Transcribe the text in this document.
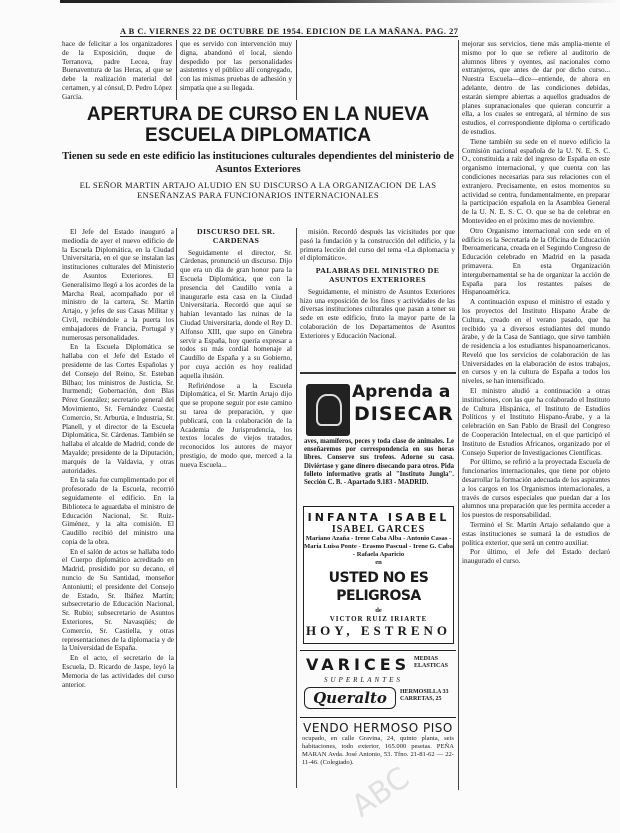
A B C. VIERNES 22 DE OCTUBRE DE 1954. EDICION DE LA MAÑANA. PAG. 27

hace de felicitar a los organizadores de la Exposición, duque de Terranova, padre Lecea, fray Buenaventura de las Heras, al que se debe la realización material del certamen, y al cónsul, D. Pedro López García.

que es servido con intervención muy digna, abandonó el local, siendo despedido por las personalidades asistentes y el público allí congregado, con las mismas pruebas de adhesión y simpatía que a su llegada.

APERTURA DE CURSO EN LA NUEVA ESCUELA DIPLOMATICA
Tienen su sede en este edificio las instituciones culturales dependientes del ministerio de Asuntos Exteriores
EL SEÑOR MARTIN ARTAJO ALUDIO EN SU DISCURSO A LA ORGANIZACION DE LAS ENSEÑANZAS PARA FUNCIONARIOS INTERNACIONALES

El Jefe del Estado inauguró a mediodía de ayer el nuevo edificio de la Escuela Diplomática, en la Ciudad Universitaria, en el que se instalan las instituciones culturales del Ministerio de Asuntos Exteriores. El Generalísimo llegó a los acordes de la Marcha Real, acompañado por el ministro de la cartera, Sr. Martín Artajo, y jefes de sus Casas Militar y Civil, recibiéndole a la puerta los embajadores de Francia, Portugal y numerosas personalidades.

En la Escuela Diplomática se hallaba con el Jefe del Estado el presidente de las Cortes Españolas y del Consejo del Reino, Sr. Esteban Bilbao; los ministros de Justicia, Sr. Iturmendi; Gobernación, don Blas Pérez González; secretario general del Movimiento, Sr. Fernández Cuesta; Comercio, Sr. Arburúa, e Industria, Sr. Planell, y el director de la Escuela Diplomática, Sr. Cárdenas. También se hallaba el alcalde de Madrid, conde de Mayalde; presidente de la Diputación, marqués de la Valdavia, y otras autoridades.

En la sala fue cumplimentado por el profesorado de la Escuela, recorrió seguidamente el edificio. En la Biblioteca le aguardaba el ministro de Educación Nacional, Sr. Ruiz-Giménez, y la alta comisión. El Caudillo recibió del ministro una copia de la obra.

En el salón de actos se hallaba todo el Cuerpo diplomático acreditado en Madrid, presidido por su decano, el nuncio de Su Santidad, monseñor Antoniutti; el presidente del Consejo de Estado, Sr. Ibáñez Martín; subsecretario de Educación Nacional, Sr. Rubio; subsecretario de Asuntos Exteriores, Sr. Navasqüés; de Comercio, Sr. Castiella, y otras representaciones de la diplomacia y de la Universidad de España.

En el acto, el secretario de la Escuela, D. Ricardo de Jaspe, leyó la Memoria de las actividades del curso anterior.

DISCURSO DEL SR. CARDENAS

Seguidamente el director, Sr. Cárdenas, pronunció un discurso. Dijo que era un día de gran honor para la Escuela Diplomática, que con la presencia del Caudillo venía a inaugurarle esta casa en la Ciudad Universitaria. Recordó que aquí se habían levantado las ruinas de la Ciudad Universitaria, donde el Rey D. Alfonso XIII, que supo en Ginebra servir a España, hoy quería expresar a todos su más cordial homenaje al Caudillo de España y a su Gobierno, por cuya acción es hoy realidad aquella ilusión.

Refiriéndose a la Escuela Diplomática, el Sr. Martín Artajo dijo que se propone seguir por este camino su tarea de preparación, y que publicará, con la colaboración de la Academia de Jurisprudencia, los textos locales de viejos tratados, reconocidos los autores de mayor prestigio, de modo que, merced a la nueva Escuela...

misión. Recordó después las vicisitudes por que pasó la fundación y la construcción del edificio, y la primera lección del curso del tema «La diplomacia y el diplomático».

PALABRAS DEL MINISTRO DE ASUNTOS EXTERIORES

Seguidamente, el ministro de Asuntos Exteriores hizo una exposición de los fines y actividades de las diversas instituciones culturales que pasan a tener su sede en este edificio, fruto la mayor parte de la colaboración de los Departamentos de Asuntos Exteriores y Educación Nacional.

Aprenda a
DISECAR
aves, mamíferos, peces y toda clase de animales. Le enseñaremos por correspondencia en sus horas libres. Conserve sus trofeos. Adorne su casa. Diviértase y gane dinero disecando para otros. Pida folleto informativo gratis al "Instituto Jungla". Sección C. B. - Apartado 9.183 - MADRID.
INFANTA ISABEL
ISABEL GARCES
Mariano Azaña - Irene Caba Alba - Antonio Casas - María Luisa Ponte - Erasmo Pascual - Irene G. Caba - Rafaela Aparicio
en
USTED NO ES PELIGROSA
de
VICTOR RUIZ IRIARTE
HOY, ESTRENO
VARICES MEDIAS ELASTICAS
SUPERLANTES
Queralto	HERMOSILLA 33
CARRETAS, 25
VENDO HERMOSO PISO
ocupado, en calle Gravina, 24, quinto planta, seis habitaciones, todo exterior, 165.000 pesetas. PEÑA MARAN Avda. José Antonio, 53. Tfno. 21-81-62 — 22-11-46. (Colegiado).

mejorar sus servicios, tiene más amplia-mente el mismo por lo que se refiere al auditorio de alumnos libres y oyentes, así nacionales como extranjeros, que antes de dar por dicho curso... Nuestra Escuela—dice—entiende, de ahora en adelante, dentro de las condiciones debidas, estarán siempre abiertas a aquellos graduados de planes supranacionales que quieran concurrir a ella, a los cuales se entregará, al término de sus estudios, el correspondiente diploma o certificado de estudios.

Tiene también su sede en el nuevo edificio la Comisión nacional española de la U. N. E. S. C. O., constituida a raíz del ingreso de España en este organismo internacional, y que cuenta con las condiciones necesarias para sus relaciones con el extranjero. Precisamente, en estos momentos su actividad se centra, fundamentalmente, en preparar la participación española en la Asamblea General de la U. N. E. S. C. O. que se ha de celebrar en Montevideo en el próximo mes de noviembre.

Otro Organismo internacional con sede en el edificio es la Secretaría de la Oficina de Educación Iberoamericana, creada en el Segundo Congreso de Educación celebrado en Madrid en la pasada primavera. En esta Organización intergubernamental se ha de organizar la acción de España para los restantes países de Hispanoamérica.

A continuación expuso el ministro el estado y los proyectos del Instituto Hispano Árabe de Cultura, creado en el verano pasado, que ha recibido ya a diversos estudiantes del mundo árabe, y de la Casa de Santiago, que sirve también de residencia a los estudiantes hispanoamericanos. Reveló que los servicios de colaboración de las Universidades en la elaboración de estos trabajos, en cursos y en la cultura de España a todos los niveles, se han intensificado.

El ministro aludió a continuación a otras instituciones, con las que ha colaborado el Instituto de Cultura Hispánica, el Instituto de Estudios Políticos y el Instituto Hispano-Árabe, y a la celebración en San Pablo de Brasil del Congreso de Cooperación Intelectual, en el que participó el Instituto de Estudios Africanos, organizado por el Consejo Superior de Investigaciones Científicas.

Por último, se refirió a la proyectada Escuela de funcionarios internacionales, que tiene por objeto desarrollar la formación adecuada de los aspirantes a los cargos en los Organismos internacionales, a través de cursos especiales que puedan dar a los alumnos una preparación que les permita acceder a los puestos de responsabilidad.

Terminó el Sr. Martín Artajo señalando que a estas instituciones se sumará la de estudios de política exterior, que será un centro auxiliar.

Por último, el Jefe del Estado declaró inaugurado el curso.

ABC
